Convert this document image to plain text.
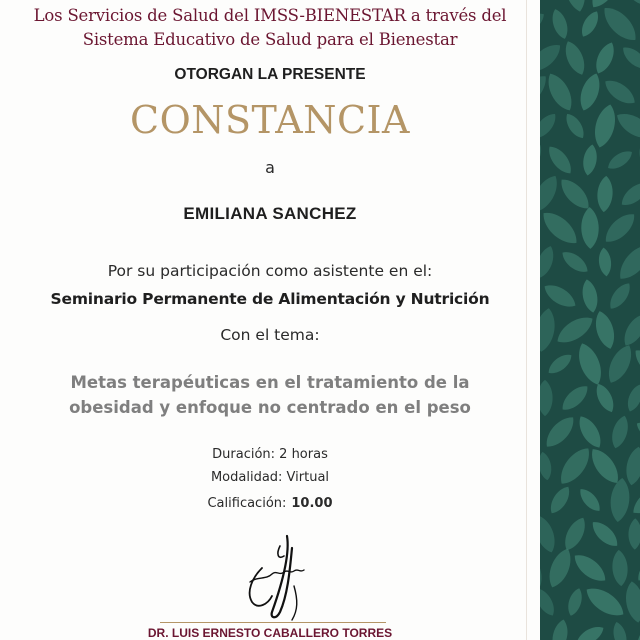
Los Servicios de Salud del IMSS-BIENESTAR a través del

Sistema Educativo de Salud para el Bienestar

OTORGAN LA PRESENTE

CONSTANCIA

a

EMILIANA SANCHEZ

Por su participación como asistente en el:

Seminario Permanente de Alimentación y Nutrición

Con el tema:

Metas terapéuticas en el tratamiento de la

obesidad y enfoque no centrado en el peso

Duración: 2 horas

Modalidad: Virtual

Calificación: 10.00

DR. LUIS ERNESTO CABALLERO TORRES
